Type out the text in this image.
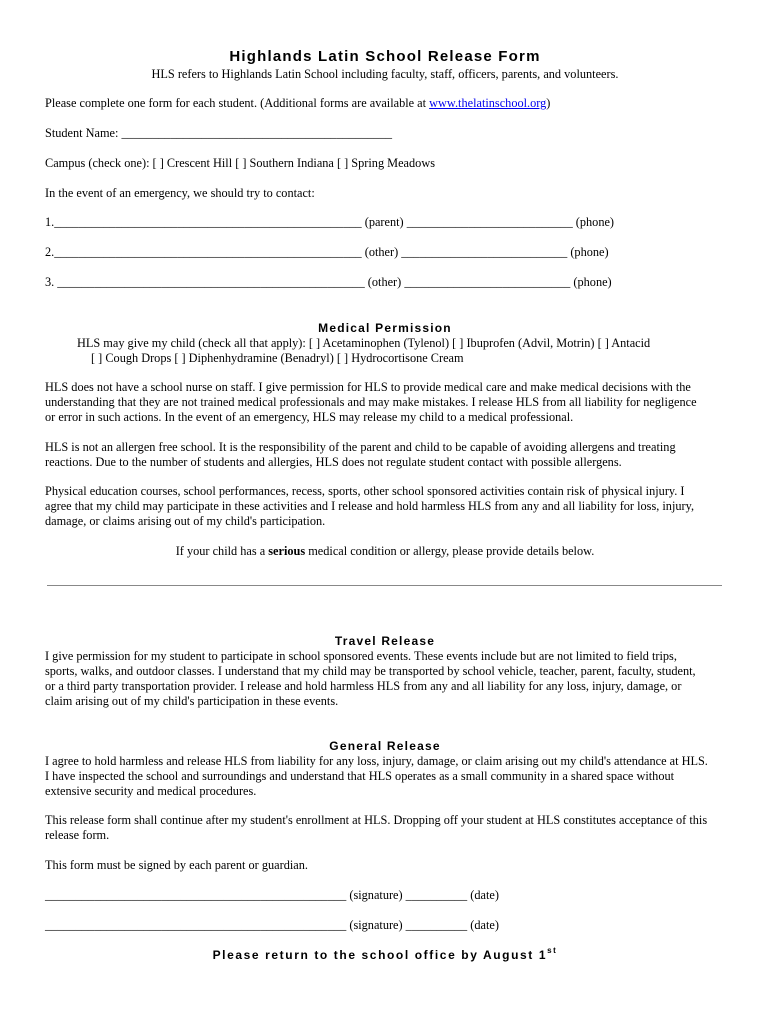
Highlands Latin School Release Form
HLS refers to Highlands Latin School including faculty, staff, officers, parents, and volunteers.
Please complete one form for each student. (Additional forms are available at www.thelatinschool.org)
Student Name: ____________________________________________
Campus (check one): [ ] Crescent Hill [ ] Southern Indiana [ ] Spring Meadows
In the event of an emergency, we should try to contact:
1.__________________________________________________ (parent) ___________________________ (phone)
2.__________________________________________________ (other) ___________________________ (phone)
3. __________________________________________________ (other) ___________________________ (phone)
Medical Permission
HLS may give my child (check all that apply): [ ] Acetaminophen (Tylenol) [ ] Ibuprofen (Advil, Motrin) [ ] Antacid
[ ] Cough Drops [ ] Diphenhydramine (Benadryl) [ ] Hydrocortisone Cream
HLS does not have a school nurse on staff. I give permission for HLS to provide medical care and make medical decisions with the
understanding that they are not trained medical professionals and may make mistakes. I release HLS from all liability for negligence
or error in such actions. In the event of an emergency, HLS may release my child to a medical professional.
HLS is not an allergen free school. It is the responsibility of the parent and child to be capable of avoiding allergens and treating
reactions. Due to the number of students and allergies, HLS does not regulate student contact with possible allergens.
Physical education courses, school performances, recess, sports, other school sponsored activities contain risk of physical injury. I
agree that my child may participate in these activities and I release and hold harmless HLS from any and all liability for loss, injury,
damage, or claims arising out of my child's participation.
If your child has a serious medical condition or allergy, please provide details below.
Travel Release
I give permission for my student to participate in school sponsored events. These events include but are not limited to field trips,
sports, walks, and outdoor classes. I understand that my child may be transported by school vehicle, teacher, parent, faculty, student,
or a third party transportation provider. I release and hold harmless HLS from any and all liability for any loss, injury, damage, or
claim arising out of my child's participation in these events.
General Release
I agree to hold harmless and release HLS from liability for any loss, injury, damage, or claim arising out my child's attendance at HLS.
I have inspected the school and surroundings and understand that HLS operates as a small community in a shared space without
extensive security and medical procedures.
This release form shall continue after my student's enrollment at HLS. Dropping off your student at HLS constitutes acceptance of this
release form.
This form must be signed by each parent or guardian.
_________________________________________________ (signature) __________ (date)
_________________________________________________ (signature) __________ (date)
Please return to the school office by August 1st
